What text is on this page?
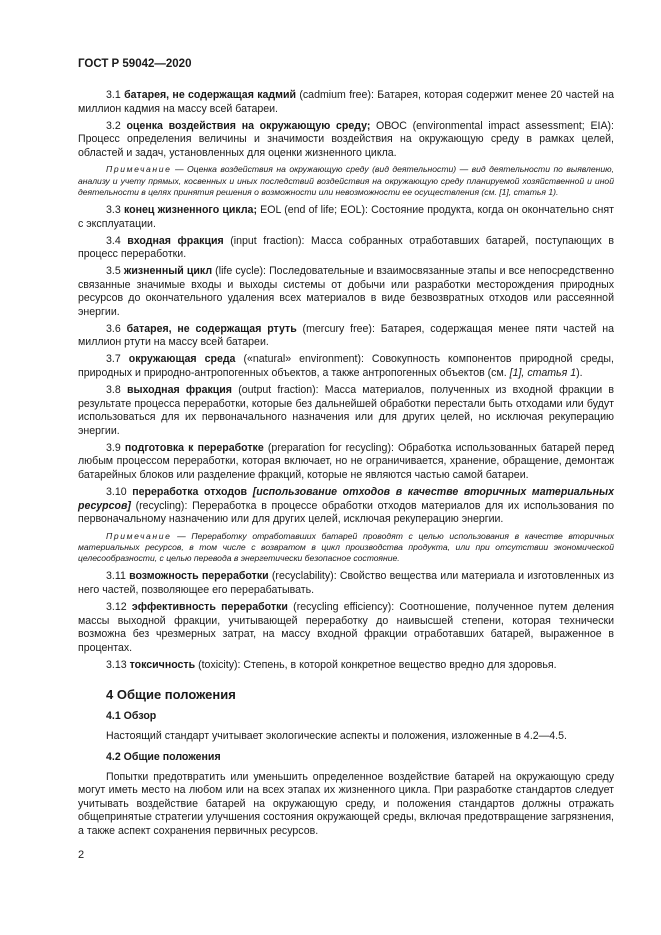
ГОСТ Р 59042—2020

3.1 батарея, не содержащая кадмий (cadmium free): Батарея, которая содержит менее 20 частей на миллион кадмия на массу всей батареи.

3.2 оценка воздействия на окружающую среду; ОВОС (environmental impact assessment; EIA): Процесс определения величины и значимости воздействия на окружающую среду в рамках целей, областей и задач, установленных для оценки жизненного цикла.

Примечание — Оценка воздействия на окружающую среду (вид деятельности) — вид деятельности по выявлению, анализу и учету прямых, косвенных и иных последствий воздействия на окружающую среду планируемой хозяйственной и иной деятельности в целях принятия решения о возможности или невозможности ее осуществления (см. [1], статья 1).

3.3 конец жизненного цикла; EOL (end of life; EOL): Состояние продукта, когда он окончательно снят с эксплуатации.

3.4 входная фракция (input fraction): Масса собранных отработавших батарей, поступающих в процесс переработки.

3.5 жизненный цикл (life cycle): Последовательные и взаимосвязанные этапы и все непосредственно связанные значимые входы и выходы системы от добычи или разработки месторождения природных ресурсов до окончательного удаления всех материалов в виде безвозвратных отходов или рассеянной энергии.

3.6 батарея, не содержащая ртуть (mercury free): Батарея, содержащая менее пяти частей на миллион ртути на массу всей батареи.

3.7 окружающая среда («natural» environment): Совокупность компонентов природной среды, природных и природно-антропогенных объектов, а также антропогенных объектов (см. [1], статья 1).

3.8 выходная фракция (output fraction): Масса материалов, полученных из входной фракции в результате процесса переработки, которые без дальнейшей обработки перестали быть отходами или будут использоваться для их первоначального назначения или для других целей, но исключая рекуперацию энергии.

3.9 подготовка к переработке (preparation for recycling): Обработка использованных батарей перед любым процессом переработки, которая включает, но не ограничивается, хранение, обращение, демонтаж батарейных блоков или разделение фракций, которые не являются частью самой батареи.

3.10 переработка отходов [использование отходов в качестве вторичных материальных ресурсов] (recycling): Переработка в процессе обработки отходов материалов для их использования по первоначальному назначению или для других целей, исключая рекуперацию энергии.

Примечание — Переработку отработавших батарей проводят с целью использования в качестве вторичных материальных ресурсов, в том числе с возвратом в цикл производства продукта, или при отсутствии экономической целесообразности, с целью перевода в энергетически безопасное состояние.

3.11 возможность переработки (recyclability): Свойство вещества или материала и изготовленных из него частей, позволяющее его перерабатывать.

3.12 эффективность переработки (recycling efficiency): Соотношение, полученное путем деления массы выходной фракции, учитывающей переработку до наивысшей степени, которая технически возможна без чрезмерных затрат, на массу входной фракции отработавших батарей, выраженное в процентах.

3.13 токсичность (toxicity): Степень, в которой конкретное вещество вредно для здоровья.

4 Общие положения
4.1 Обзор

Настоящий стандарт учитывает экологические аспекты и положения, изложенные в 4.2—4.5.

4.2 Общие положения

Попытки предотвратить или уменьшить определенное воздействие батарей на окружающую среду могут иметь место на любом или на всех этапах их жизненного цикла. При разработке стандартов следует учитывать воздействие батарей на окружающую среду, и положения стандартов должны отражать общепринятые стратегии улучшения состояния окружающей среды, включая предотвращение загрязнения, а также аспект сохранения первичных ресурсов.

2
